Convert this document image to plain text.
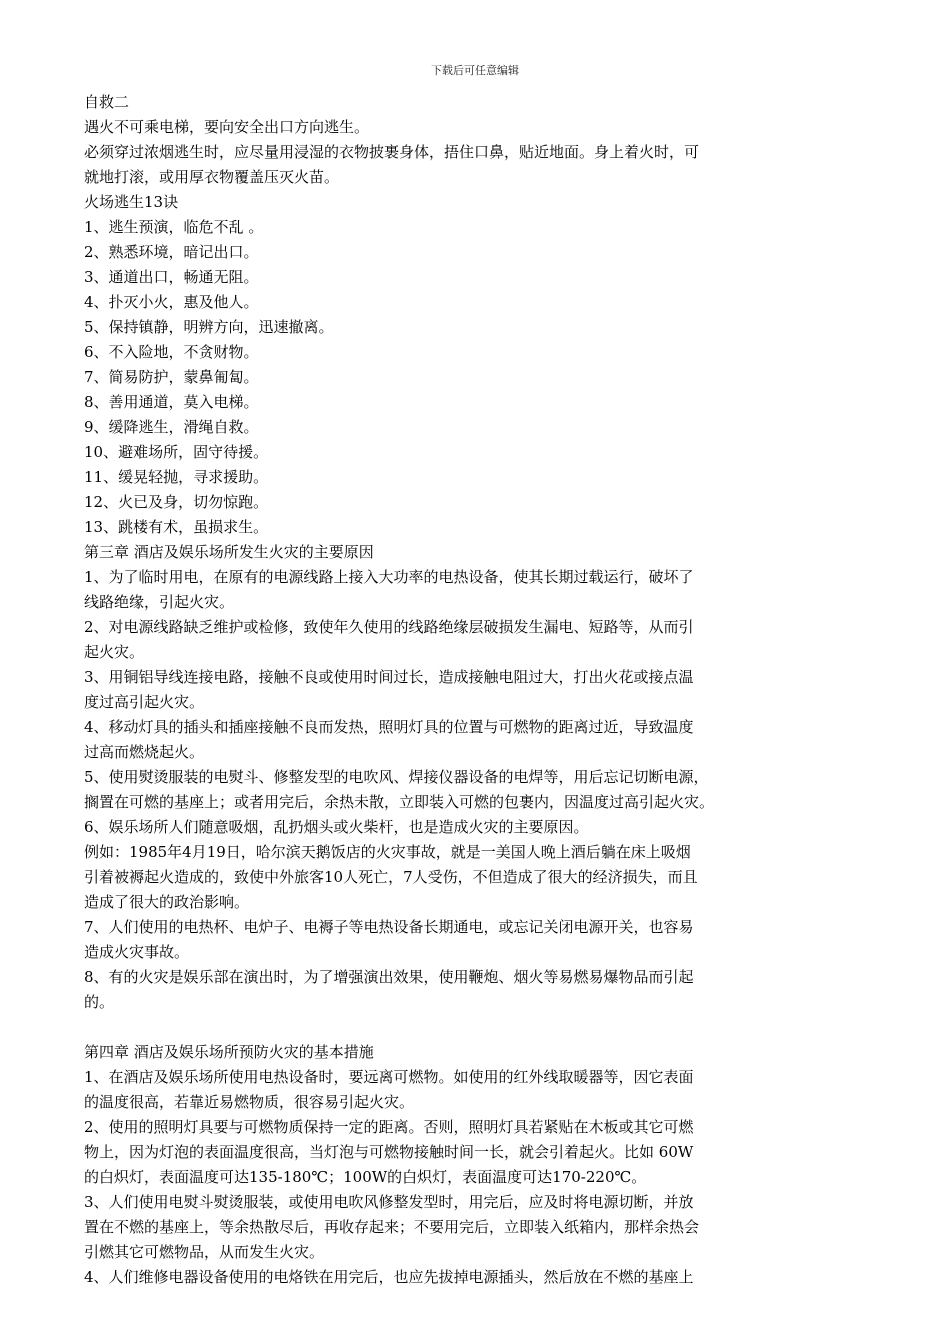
下载后可任意编辑
自救二
遇火不可乘电梯，要向安全出口方向逃生。
必须穿过浓烟逃生时，应尽量用浸湿的衣物披裹身体，捂住口鼻，贴近地面。身上着火时，可
就地打滚，或用厚衣物覆盖压灭火苗。
火场逃生13诀
1、逃生预演，临危不乱 。
2、熟悉环境，暗记出口。
3、通道出口，畅通无阻。
4、扑灭小火，惠及他人。
5、保持镇静，明辨方向，迅速撤离。
6、不入险地，不贪财物。
7、简易防护，蒙鼻匍匐。
8、善用通道，莫入电梯。
9、缓降逃生，滑绳自救。
10、避难场所，固守待援。
11、缓晃轻抛，寻求援助。
12、火已及身，切勿惊跑。
13、跳楼有术，虽损求生。
第三章 酒店及娱乐场所发生火灾的主要原因
1、为了临时用电，在原有的电源线路上接入大功率的电热设备，使其长期过载运行，破坏了
线路绝缘，引起火灾。
2、对电源线路缺乏维护或检修，致使年久使用的线路绝缘层破损发生漏电、短路等，从而引
起火灾。
3、用铜铝导线连接电路，接触不良或使用时间过长，造成接触电阻过大，打出火花或接点温
度过高引起火灾。
4、移动灯具的插头和插座接触不良而发热，照明灯具的位置与可燃物的距离过近，导致温度
过高而燃烧起火。
5、使用熨烫服装的电熨斗、修整发型的电吹风、焊接仪器设备的电焊等，用后忘记切断电源，
搁置在可燃的基座上；或者用完后，余热未散，立即装入可燃的包裹内，因温度过高引起火灾。
6、娱乐场所人们随意吸烟，乱扔烟头或火柴杆，也是造成火灾的主要原因。
例如：1985年4月19日，哈尔滨天鹅饭店的火灾事故，就是一美国人晚上酒后躺在床上吸烟
引着被褥起火造成的，致使中外旅客10人死亡，7人受伤，不但造成了很大的经济损失，而且
造成了很大的政治影响。
7、人们使用的电热杯、电炉子、电褥子等电热设备长期通电，或忘记关闭电源开关，也容易
造成火灾事故。
8、有的火灾是娱乐部在演出时，为了增强演出效果，使用鞭炮、烟火等易燃易爆物品而引起
的。
第四章 酒店及娱乐场所预防火灾的基本措施
1、在酒店及娱乐场所使用电热设备时，要远离可燃物。如使用的红外线取暖器等，因它表面
的温度很高，若靠近易燃物质，很容易引起火灾。
2、使用的照明灯具要与可燃物质保持一定的距离。否则，照明灯具若紧贴在木板或其它可燃
物上，因为灯泡的表面温度很高，当灯泡与可燃物接触时间一长，就会引着起火。比如 60W
的白炽灯，表面温度可达135-180℃；100W的白炽灯，表面温度可达170-220℃。
3、人们使用电熨斗熨烫服装，或使用电吹风修整发型时，用完后，应及时将电源切断，并放
置在不燃的基座上，等余热散尽后，再收存起来；不要用完后，立即装入纸箱内，那样余热会
引燃其它可燃物品，从而发生火灾。
4、人们维修电器设备使用的电烙铁在用完后，也应先拔掉电源插头，然后放在不燃的基座上
